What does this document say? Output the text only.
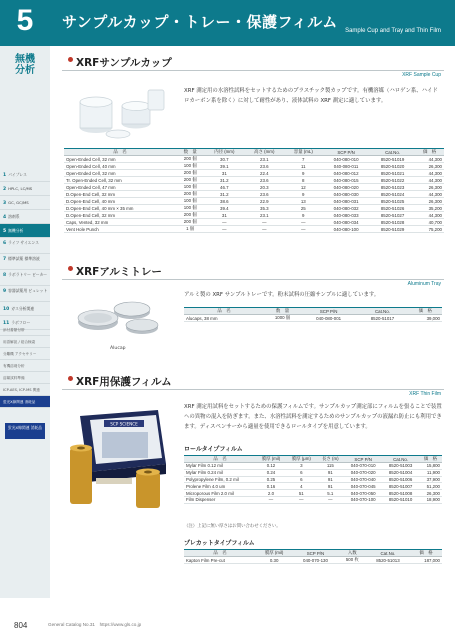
5	サンプルカップ・トレー・保護フィルム Sample Cup and Tray and Thin Film
無機分析
1 パイプレス
2 HPLC, LC/MS
3 GC, GC/MS
4 溶剤系
5 無機分析
6 ライフ サイエンス
7 標準試薬 標準溶液
8 ラボラトリー ビーカー
9 容器試薬用 ビュレット
10 ガス分析関連
11 ラボフロー
添付書類付帯
用語解説 / 総合検索
分離機 アクセサリー
有機溶剤分析
溶媒試料準備
ICP-AES, ICP-MS 関連
蛍光X線関連 消耗品
蛍光X線関連 消耗品
XRFサンプルカップ
XRF Sample Cup
XRF 測定用の水溶性試料をセットするためのプラスチック製カップです。有機溶媒（ハロゲン系、ハイドロカーボン系を除く）に対して耐性があり、液体試料の XRF 測定に適しています。
品　名	数　量	内径 (mm)	高さ (mm)	容量 (mL)	SCP P/N	Cat.No.	価　格
Open-Ended Cell, 32 mm	200 個	30.7	23.1	7	040-080-010	8520-51019	44,300
Open-Ended Cell, 40 mm	100 個	39.1	23.6	11	040-080-011	8520-51020	26,300
Open-Ended Cell, 32 mm	200 個	31	22.4	9	040-080-012	8520-51021	44,300
Tr. Open-Ended Cell, 32 mm	200 個	31.2	23.6	8	040-080-015	8520-51022	44,300
Open-Ended Cell, 47 mm	100 個	46.7	20.3	12	040-080-020	8520-51023	26,300
D.Open-End Cell, 32 mm	200 個	31.2	23.6	9	040-080-030	8520-51024	44,300
D.Open-End Cell, 40 mm	100 個	38.6	22.9	13	040-080-031	8520-51025	26,300
D.Open-End Cell, 40 mm × 35 mm	100 個	39.4	35.3	25	040-080-032	8520-51026	35,200
D.Open-End Cell, 32 mm	200 個	31	23.1	9	040-080-033	8520-51027	44,300
Caps, Vented, 32 mm	200 個	—	—	—	040-080-034	8520-51028	40,700
Vent Hole Punch	1 個	—	—	—	040-080-100	8520-51029	75,200
XRFアルミトレー
Aluminum Tray
Alucap
アルミ製の XRF サンプルトレーです。粉末試料の圧縮サンプルに適しています。
品　名	数　量	SCP P/N	Cat.No.	価　格
Alucaps, 38 mm	1000 個	040-080-001	8520-51017	39,000
XRF用保護フィルム
XRF Thin Film
SCP SCIENCE
XRF 測定用試料をセットするための保護フィルムです。サンプルカップ測定部にフィルムを張ることで装置への異物の混入を防ぎます。また、水溶性試料を測定するためのサンプルカップの液漏れ防止にも利用できます。ディスペンサーから適量を使用できるロールタイプを用意しています。
ロールタイプフィルム
品　名	膜厚 (mil)	膜厚 (μm)	長さ (m)	SCP P/N	Cat.No.	価　格
Mylar Film 0.12 mil	0.12	3	115	040-070-010	8520-51003	15,800
Mylar Film 0.24 mil	0.24	6	91	040-070-020	8520-51004	11,900
Polypropylene Film, 0.2 mil	0.25	6	91	040-070-040	8520-51006	37,900
Prolene Film 4.0 um	0.16	4	91	040-070-045	8520-51007	51,200
Microporous Film 2.0 mil	2.0	51	5.1	040-070-050	8520-51008	26,300
Film Dispenser	—	—	—	040-070-100	8520-51010	18,900
（注）上記に無い厚さはお問い合わせください。
プレカットタイプフィルム
品　名	膜厚 (mil)	SCP P/N	入数	Cat.No.	価　格
Kapton Film Pre-cut	0.30	040-070-130	500 枚	8520-51013	187,000
804	General Catalog No.31　https://www.gls.co.jp
